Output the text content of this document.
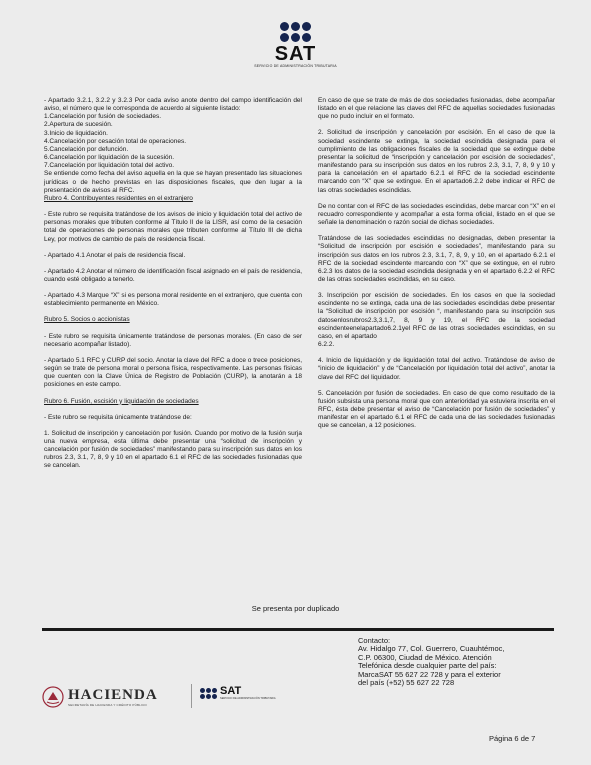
SAT
SERVICIO DE ADMINISTRACIÓN TRIBUTARIA

- Apartado 3.2.1, 3.2.2 y 3.2.3 Por cada aviso anote dentro del campo identificación del aviso, el número que le corresponda de acuerdo al siguiente listado:

1.Cancelación por fusión de sociedades.
2.Apertura de sucesión.
3.Inicio de liquidación.
4.Cancelación por cesación total de operaciones.
5.Cancelación por defunción.
6.Cancelación por liquidación de la sucesión.
7.Cancelación por liquidación total del activo.

Se entiende como fecha del aviso aquella en la que se hayan presentado las situaciones jurídicas o de hecho previstas en las disposiciones fiscales, que den lugar a la presentación de avisos al RFC.

Rubro 4. Contribuyentes residentes en el extranjero

- Este rubro se requisita tratándose de los avisos de inicio y liquidación total del activo de personas morales que tributen conforme al Título II de la LISR, así como de la cesación total de operaciones de personas morales que tributen conforme al Título III de dicha Ley, por motivos de cambio de país de residencia fiscal.

- Apartado 4.1 Anotar el país de residencia fiscal.

- Apartado 4.2 Anotar el número de identificación fiscal asignado en el país de residencia, cuando esté obligado a tenerlo.

- Apartado 4.3 Marque “X” si es persona moral residente en el extranjero, que cuenta con establecimiento permanente en México.

Rubro 5. Socios o accionistas

- Este rubro se requisita únicamente tratándose de personas morales. (En caso de ser necesario acompañar listado).

- Apartado 5.1 RFC y CURP del socio. Anotar la clave del RFC a doce o trece posiciones, según se trate de persona moral o persona física, respectivamente. Las personas físicas que cuenten con la Clave Única de Registro de Población (CURP), la anotarán a 18 posiciones en este campo.

Rubro 6. Fusión, escisión y liquidación de sociedades

- Este rubro se requisita únicamente tratándose de:

1. Solicitud de inscripción y cancelación por fusión. Cuando por motivo de la fusión surja una nueva empresa, esta última debe presentar una “solicitud de inscripción y cancelación por fusión de sociedades” manifestando para su inscripción sus datos en los rubros 2.3, 3.1, 7, 8, 9 y 10 en el apartado 6.1 el RFC de las sociedades fusionadas que se cancelan.

En caso de que se trate de más de dos sociedades fusionadas, debe acompañar listado en el que relacione las claves del RFC de aquellas sociedades fusionadas que no pudo incluir en el formato.

2. Solicitud de inscripción y cancelación por escisión. En el caso de que la sociedad escindente se extinga, la sociedad escindida designada para el cumplimiento de las obligaciones fiscales de la sociedad que se extingue debe presentar la solicitud de “inscripción y cancelación por escisión de sociedades”, manifestando para su inscripción sus datos en los rubros 2.3, 3.1, 7, 8, 9 y 10 y para la cancelación en el apartado 6.2.1 el RFC de la sociedad escindente marcando con “X” que se extingue. En el apartado6.2.2 debe indicar el RFC de las otras sociedades escindidas.

De no contar con el RFC de las sociedades escindidas, debe marcar con “X” en el recuadro correspondiente y acompañar a esta forma oficial, listado en el que se señale la denominación o razón social de dichas sociedades.

Tratándose de las sociedades escindidas no designadas, deben presentar la “Solicitud de inscripción por escisión e sociedades”, manifestando para su inscripción sus datos en los rubros 2.3, 3.1, 7, 8, 9, y 10, en el apartado 6.2.1 el RFC de la sociedad escindente marcando con “X” que se extingue, en el rubro 6.2.3 los datos de la sociedad escindida designada y en el apartado 6.2.2 el RFC de las otras sociedades escindidas, en su caso.

3. Inscripción por escisión de sociedades. En los casos en que la sociedad escindente no se extinga, cada una de las sociedades escindidas debe presentar la “Solicitud de inscripción por escisión “, manifestando para su inscripción sus datosenlosrubros2.3,3.1,7, 8, 9 y 19, el RFC de la sociedad escindenteenelapartado6.2.1yel RFC de las otras sociedades escindidas, en su caso, en el apartado

6.2.2.

4. Inicio de liquidación y de liquidación total del activo. Tratándose de aviso de “inicio de liquidación” y de “Cancelación por liquidación total del activo”, anotar la clave del RFC del liquidador.

5. Cancelación por fusión de sociedades. En caso de que como resultado de la fusión subsista una persona moral que con anterioridad ya estuviera inscrita en el RFC, ésta debe presentar el aviso de “Cancelación por fusión de sociedades” y manifestar en el apartado 6.1 el RFC de cada una de las sociedades fusionadas que se cancelan, a 12 posiciones.

Se presenta por duplicado
HACIENDA
SECRETARÍA DE HACIENDA Y CRÉDITO PÚBLICO
SAT
SERVICIO DE ADMINISTRACIÓN TRIBUTARIA
Contacto:
Av. Hidalgo 77, Col. Guerrero, Cuauhtémoc,
C.P. 06300, Ciudad de México. Atención
Telefónica desde cualquier parte del país:
MarcaSAT 55 627 22 728 y para el exterior
del país (+52) 55 627 22 728
Página 6 de 7
